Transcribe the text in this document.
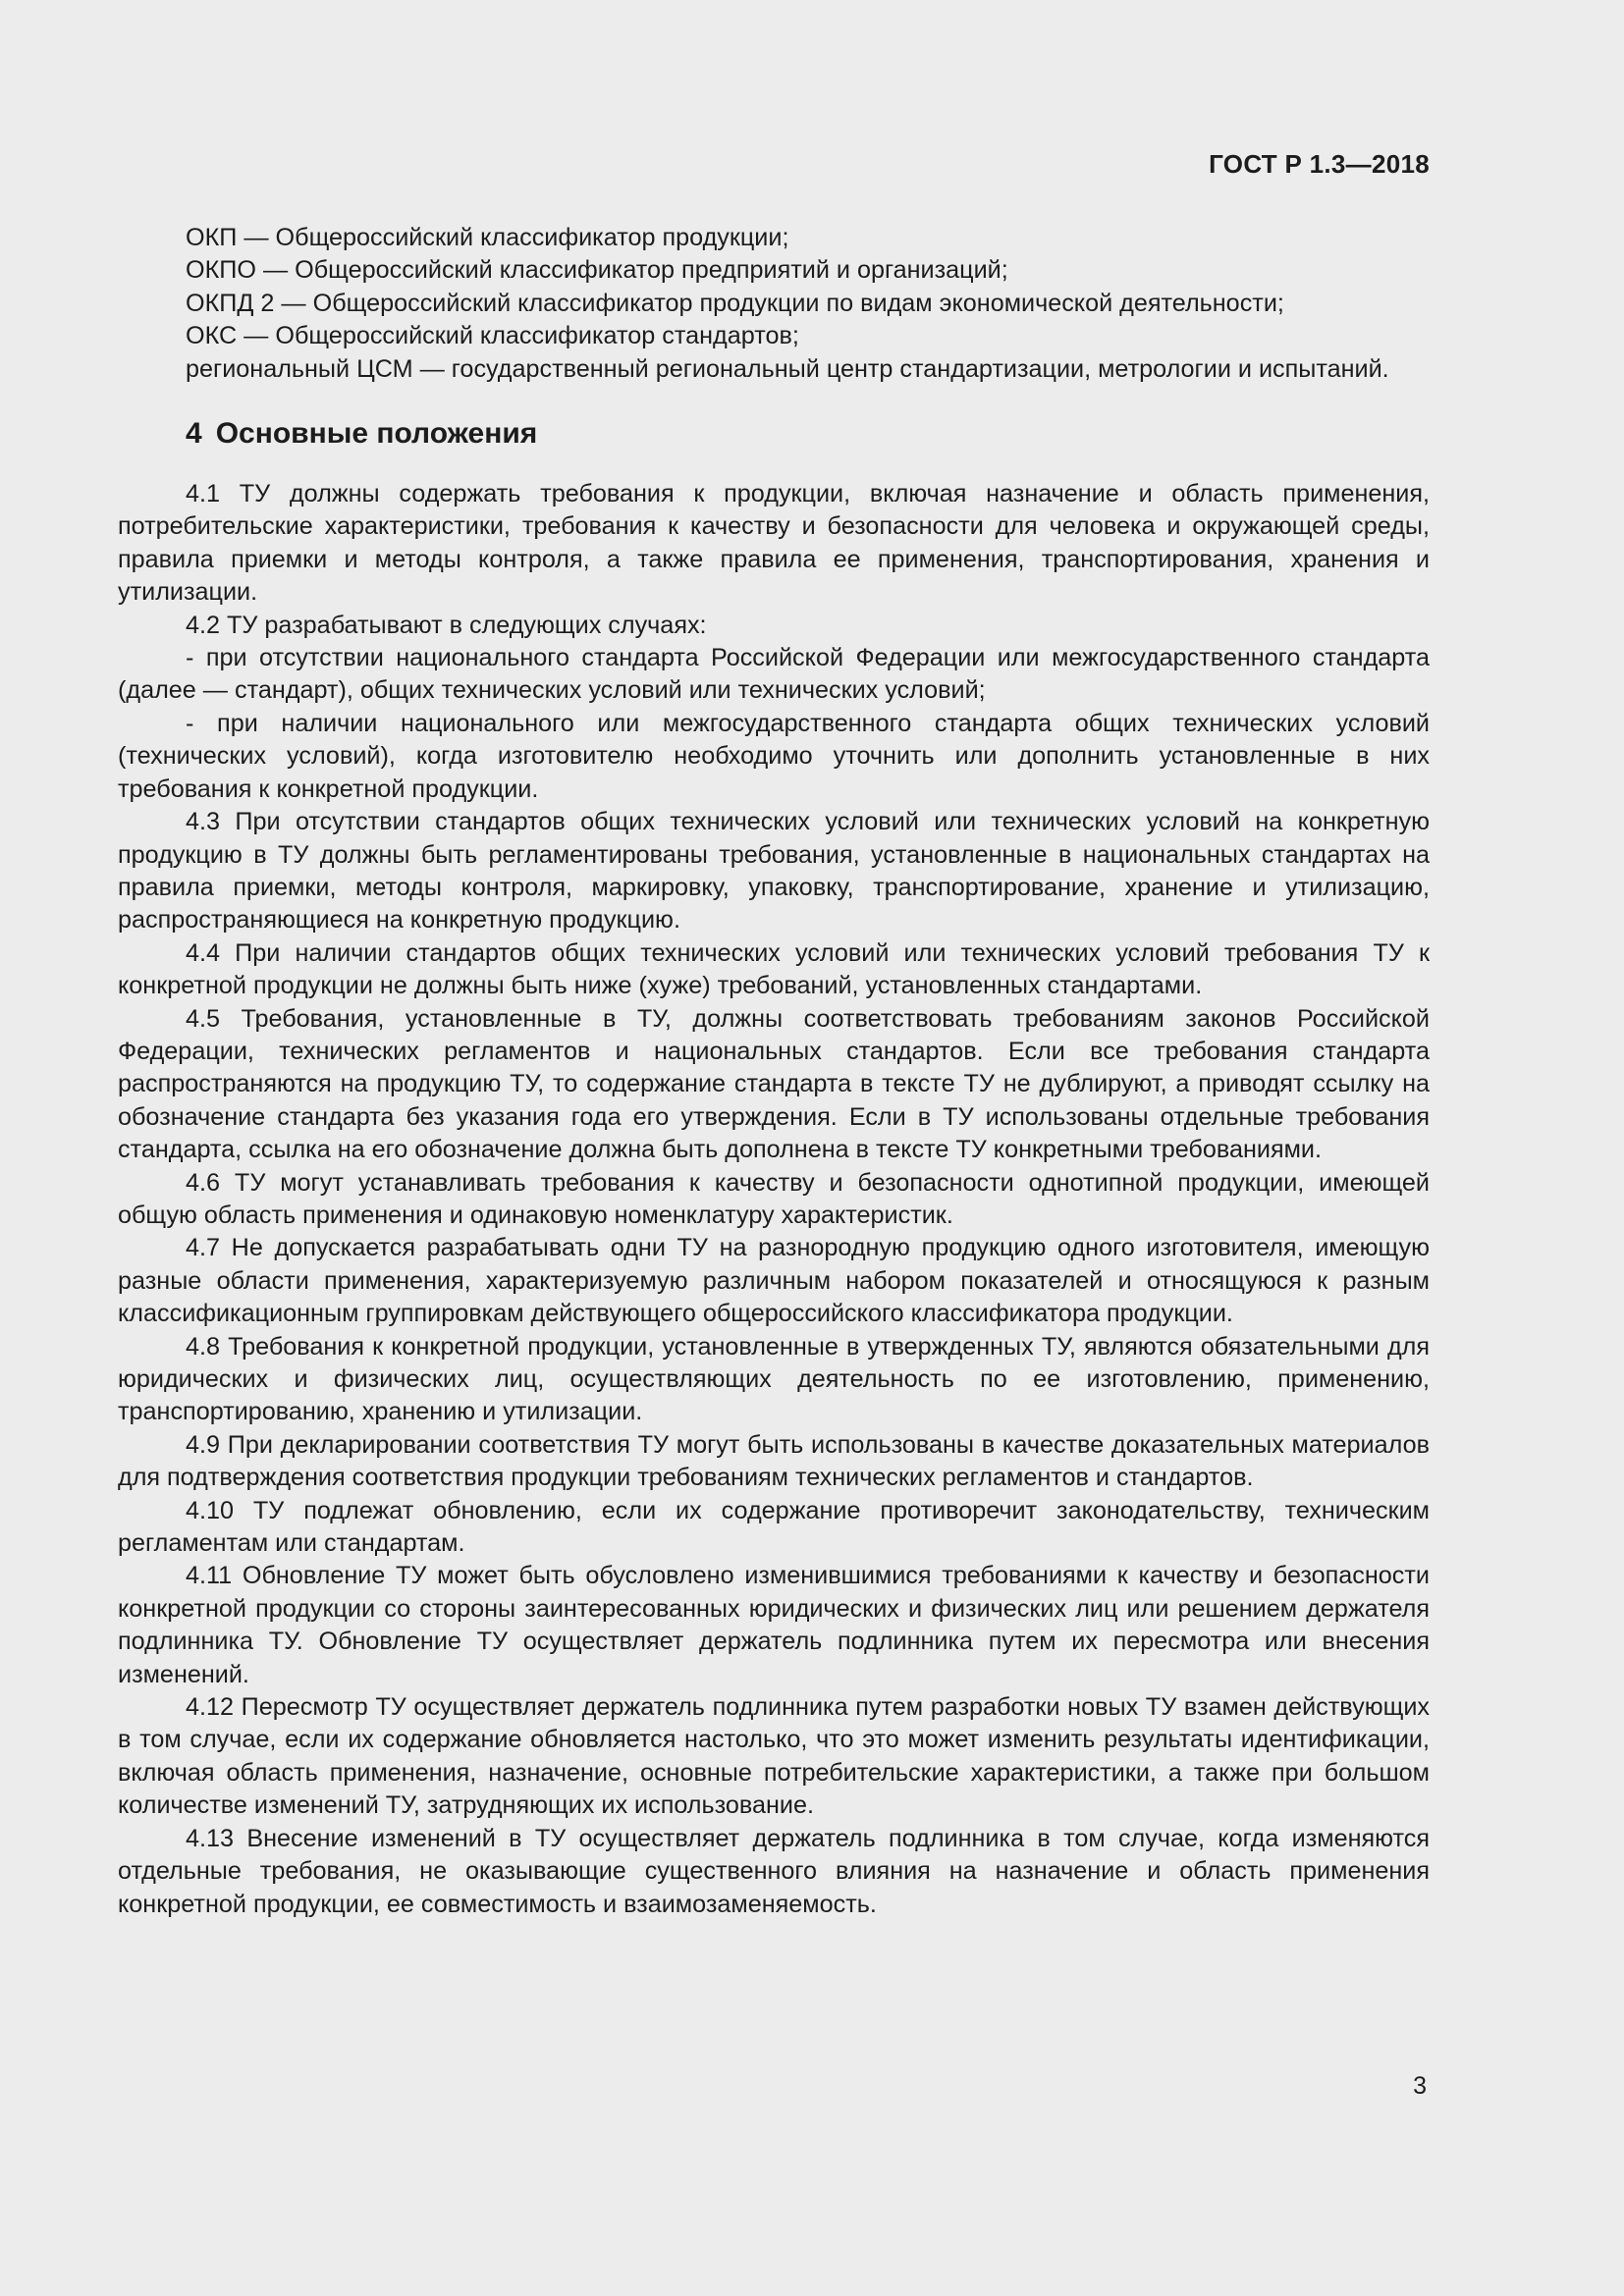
ГОСТ Р 1.3—2018

ОКП — Общероссийский классификатор продукции;

ОКПО — Общероссийский классификатор предприятий и организаций;

ОКПД 2 — Общероссийский классификатор продукции по видам экономической деятельности;

ОКС — Общероссийский классификатор стандартов;

региональный ЦСМ — государственный региональный центр стандартизации, метрологии и испытаний.

4 Основные положения

4.1 ТУ должны содержать требования к продукции, включая назначение и область применения, потребительские характеристики, требования к качеству и безопасности для человека и окружающей среды, правила приемки и методы контроля, а также правила ее применения, транспортирования, хранения и утилизации.

4.2 ТУ разрабатывают в следующих случаях:

- при отсутствии национального стандарта Российской Федерации или межгосударственного стандарта (далее — стандарт), общих технических условий или технических условий;

- при наличии национального или межгосударственного стандарта общих технических условий (технических условий), когда изготовителю необходимо уточнить или дополнить установленные в них требования к конкретной продукции.

4.3 При отсутствии стандартов общих технических условий или технических условий на конкретную продукцию в ТУ должны быть регламентированы требования, установленные в национальных стандартах на правила приемки, методы контроля, маркировку, упаковку, транспортирование, хранение и утилизацию, распространяющиеся на конкретную продукцию.

4.4 При наличии стандартов общих технических условий или технических условий требования ТУ к конкретной продукции не должны быть ниже (хуже) требований, установленных стандартами.

4.5 Требования, установленные в ТУ, должны соответствовать требованиям законов Российской Федерации, технических регламентов и национальных стандартов. Если все требования стандарта распространяются на продукцию ТУ, то содержание стандарта в тексте ТУ не дублируют, а приводят ссылку на обозначение стандарта без указания года его утверждения. Если в ТУ использованы отдельные требования стандарта, ссылка на его обозначение должна быть дополнена в тексте ТУ конкретными требованиями.

4.6 ТУ могут устанавливать требования к качеству и безопасности однотипной продукции, имеющей общую область применения и одинаковую номенклатуру характеристик.

4.7 Не допускается разрабатывать одни ТУ на разнородную продукцию одного изготовителя, имеющую разные области применения, характеризуемую различным набором показателей и относящуюся к разным классификационным группировкам действующего общероссийского классификатора продукции.

4.8 Требования к конкретной продукции, установленные в утвержденных ТУ, являются обязательными для юридических и физических лиц, осуществляющих деятельность по ее изготовлению, применению, транспортированию, хранению и утилизации.

4.9 При декларировании соответствия ТУ могут быть использованы в качестве доказательных материалов для подтверждения соответствия продукции требованиям технических регламентов и стандартов.

4.10 ТУ подлежат обновлению, если их содержание противоречит законодательству, техническим регламентам или стандартам.

4.11 Обновление ТУ может быть обусловлено изменившимися требованиями к качеству и безопасности конкретной продукции со стороны заинтересованных юридических и физических лиц или решением держателя подлинника ТУ. Обновление ТУ осуществляет держатель подлинника путем их пересмотра или внесения изменений.

4.12 Пересмотр ТУ осуществляет держатель подлинника путем разработки новых ТУ взамен действующих в том случае, если их содержание обновляется настолько, что это может изменить результаты идентификации, включая область применения, назначение, основные потребительские характеристики, а также при большом количестве изменений ТУ, затрудняющих их использование.

4.13 Внесение изменений в ТУ осуществляет держатель подлинника в том случае, когда изменяются отдельные требования, не оказывающие существенного влияния на назначение и область применения конкретной продукции, ее совместимость и взаимозаменяемость.

3
